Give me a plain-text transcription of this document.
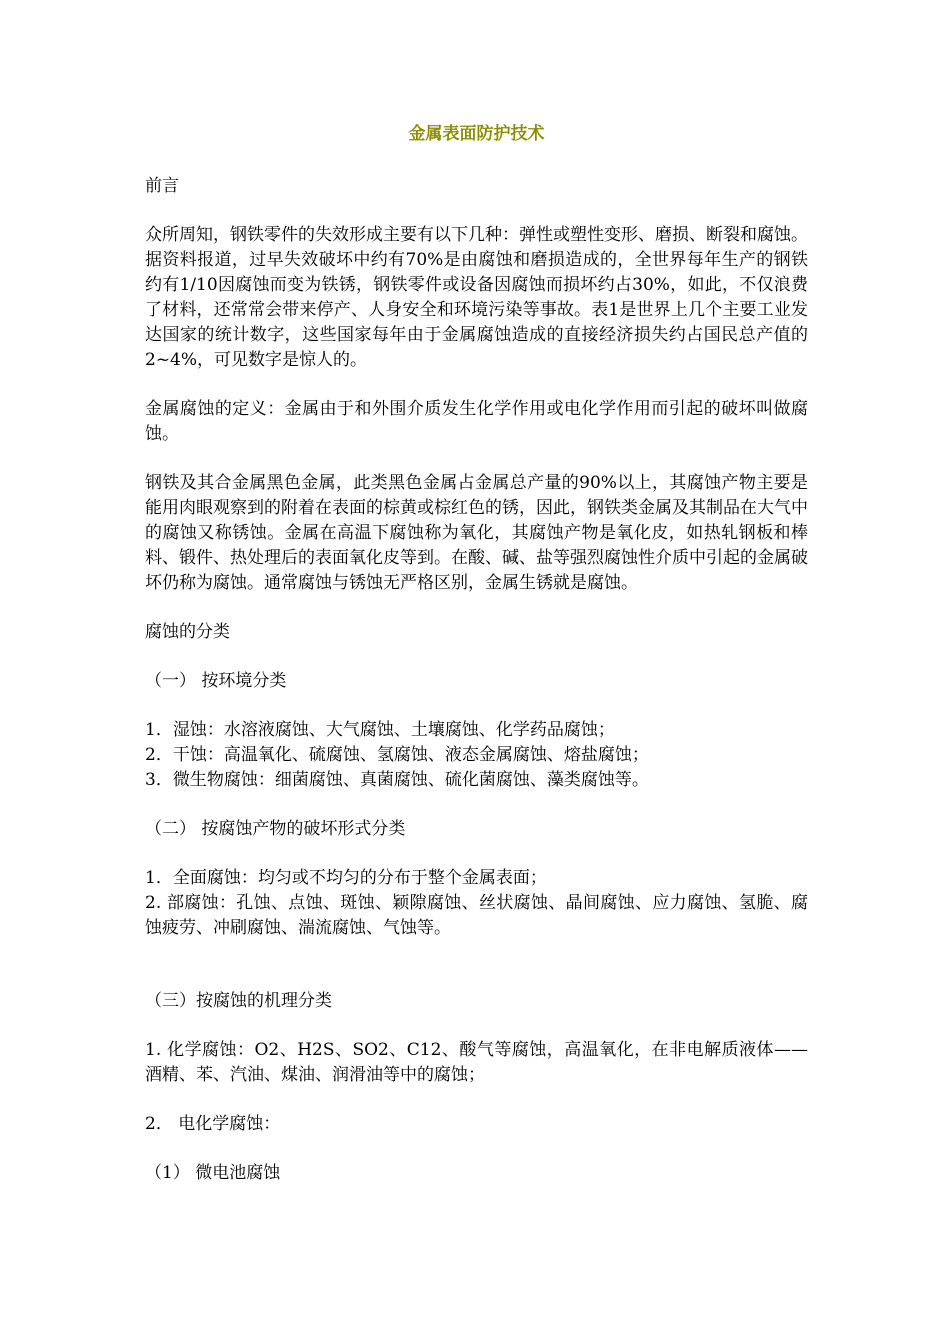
金属表面防护技术

前言

众所周知，钢铁零件的失效形成主要有以下几种：弹性或塑性变形、磨损、断裂和腐蚀。据资料报道，过早失效破坏中约有70%是由腐蚀和磨损造成的，全世界每年生产的钢铁约有1/10因腐蚀而变为铁锈，钢铁零件或设备因腐蚀而损坏约占30%，如此，不仅浪费了材料，还常常会带来停产、人身安全和环境污染等事故。表1是世界上几个主要工业发达国家的统计数字，这些国家每年由于金属腐蚀造成的直接经济损失约占国民总产值的2~4%，可见数字是惊人的。

金属腐蚀的定义：金属由于和外围介质发生化学作用或电化学作用而引起的破坏叫做腐蚀。

钢铁及其合金属黑色金属，此类黑色金属占金属总产量的90%以上，其腐蚀产物主要是能用肉眼观察到的附着在表面的棕黄或棕红色的锈，因此，钢铁类金属及其制品在大气中的腐蚀又称锈蚀。金属在高温下腐蚀称为氧化，其腐蚀产物是氧化皮，如热轧钢板和棒料、锻件、热处理后的表面氧化皮等到。在酸、碱、盐等强烈腐蚀性介质中引起的金属破坏仍称为腐蚀。通常腐蚀与锈蚀无严格区别，金属生锈就是腐蚀。

腐蚀的分类

（一） 按环境分类

1．湿蚀：水溶液腐蚀、大气腐蚀、土壤腐蚀、化学药品腐蚀；

2．干蚀：高温氧化、硫腐蚀、氢腐蚀、液态金属腐蚀、熔盐腐蚀；

3．微生物腐蚀：细菌腐蚀、真菌腐蚀、硫化菌腐蚀、藻类腐蚀等。

（二） 按腐蚀产物的破坏形式分类

1．全面腐蚀：均匀或不均匀的分布于整个金属表面；

2. 部腐蚀：孔蚀、点蚀、斑蚀、颖隙腐蚀、丝状腐蚀、晶间腐蚀、应力腐蚀、氢脆、腐蚀疲劳、冲刷腐蚀、湍流腐蚀、气蚀等。

（三）按腐蚀的机理分类

1. 化学腐蚀：O2、H2S、SO2、C12、酸气等腐蚀，高温氧化，在非电解质液体——酒精、苯、汽油、煤油、润滑油等中的腐蚀；

2． 电化学腐蚀：

（1） 微电池腐蚀
